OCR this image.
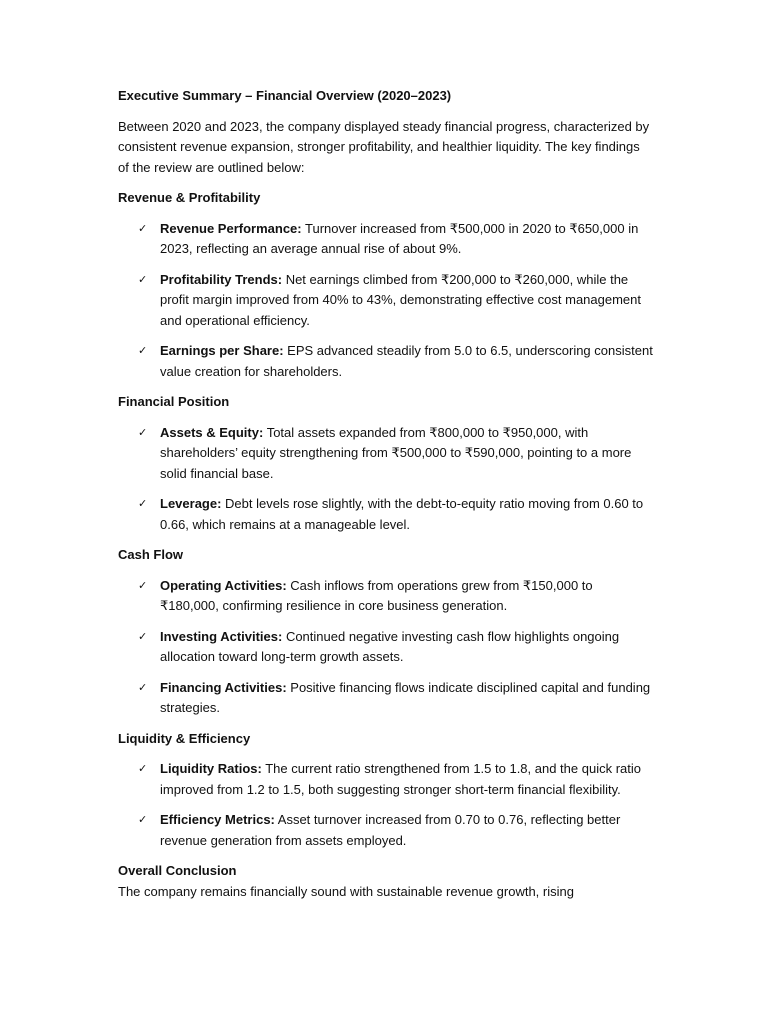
Executive Summary – Financial Overview (2020–2023)

Between 2020 and 2023, the company displayed steady financial progress, characterized by consistent revenue expansion, stronger profitability, and healthier liquidity. The key findings of the review are outlined below:

Revenue & Profitability
✓ Revenue Performance: Turnover increased from ₹500,000 in 2020 to ₹650,000 in 2023, reflecting an average annual rise of about 9%.
✓ Profitability Trends: Net earnings climbed from ₹200,000 to ₹260,000, while the profit margin improved from 40% to 43%, demonstrating effective cost management and operational efficiency.
✓ Earnings per Share: EPS advanced steadily from 5.0 to 6.5, underscoring consistent value creation for shareholders.
Financial Position
✓ Assets & Equity: Total assets expanded from ₹800,000 to ₹950,000, with shareholders’ equity strengthening from ₹500,000 to ₹590,000, pointing to a more solid financial base.
✓ Leverage: Debt levels rose slightly, with the debt-to-equity ratio moving from 0.60 to 0.66, which remains at a manageable level.
Cash Flow
✓ Operating Activities: Cash inflows from operations grew from ₹150,000 to ₹180,000, confirming resilience in core business generation.
✓ Investing Activities: Continued negative investing cash flow highlights ongoing allocation toward long-term growth assets.
✓ Financing Activities: Positive financing flows indicate disciplined capital and funding strategies.
Liquidity & Efficiency
✓ Liquidity Ratios: The current ratio strengthened from 1.5 to 1.8, and the quick ratio improved from 1.2 to 1.5, both suggesting stronger short-term financial flexibility.
✓ Efficiency Metrics: Asset turnover increased from 0.70 to 0.76, reflecting better revenue generation from assets employed.
Overall Conclusion

The company remains financially sound with sustainable revenue growth, rising
